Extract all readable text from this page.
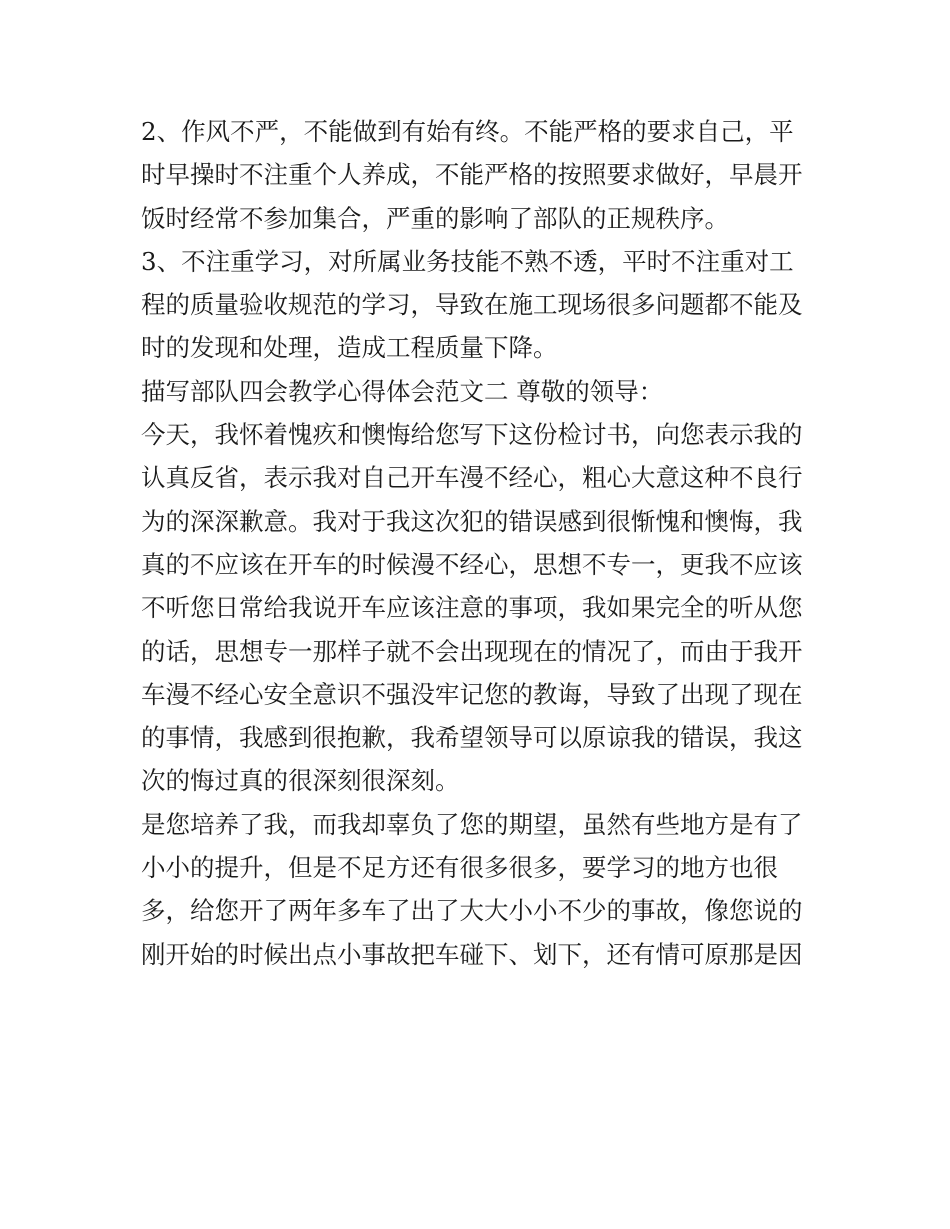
2、作风不严，不能做到有始有终。不能严格的要求自己，平

时早操时不注重个人养成，不能严格的按照要求做好，早晨开

饭时经常不参加集合，严重的影响了部队的正规秩序。

3、不注重学习，对所属业务技能不熟不透，平时不注重对工

程的质量验收规范的学习，导致在施工现场很多问题都不能及

时的发现和处理，造成工程质量下降。

描写部队四会教学心得体会范文二 尊敬的领导：

今天，我怀着愧疚和懊悔给您写下这份检讨书，向您表示我的

认真反省，表示我对自己开车漫不经心，粗心大意这种不良行

为的深深歉意。我对于我这次犯的错误感到很惭愧和懊悔，我

真的不应该在开车的时候漫不经心，思想不专一，更我不应该

不听您日常给我说开车应该注意的事项，我如果完全的听从您

的话，思想专一那样子就不会出现现在的情况了，而由于我开

车漫不经心安全意识不强没牢记您的教诲，导致了出现了现在

的事情，我感到很抱歉，我希望领导可以原谅我的错误，我这

次的悔过真的很深刻很深刻。

是您培养了我，而我却辜负了您的期望，虽然有些地方是有了

小小的提升，但是不足方还有很多很多，要学习的地方也很

多，给您开了两年多车了出了大大小小不少的事故，像您说的

刚开始的时候出点小事故把车碰下、划下，还有情可原那是因
